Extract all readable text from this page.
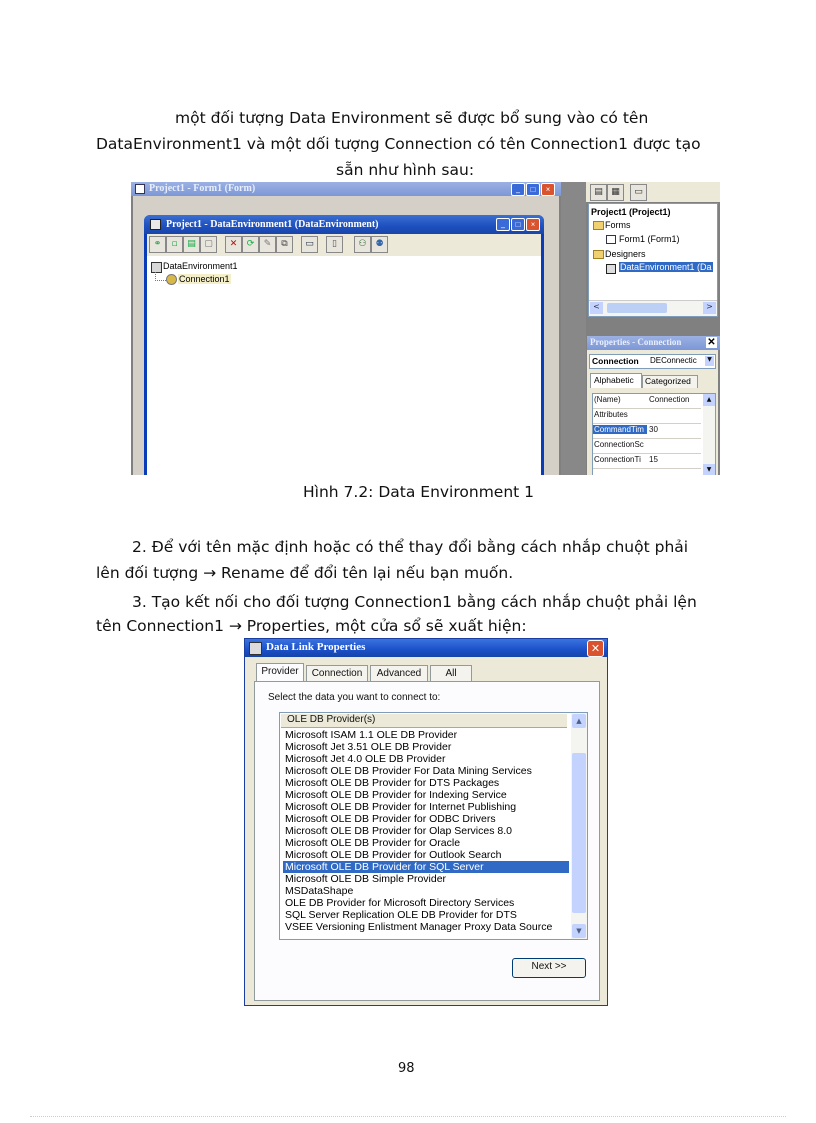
một đối tượng Data Environment sẽ được bổ sung vào có tên
DataEnvironment1 và một dối tượng Connection có tên Connection1 được tạo
sẵn như hình sau:
Project1 - Form1 (Form)	_	□	×
Project1 - DataEnvironment1 (DataEnvironment)	_	□	×
⚭	▫	▤ ▢	✕	⟳	✎	⧉	▭	▯	⚇ ⚉
DataEnvironment1
Connection1
▤ ▦	▭
Project1 (Project1)
Forms
Form1 (Form1)
Designers
DataEnvironment1 (Da
<	>
Properties - Connection	✕
Connection DEConnectic	▼
Alphabetic Categorized
(Name)	Connection
Attributes
CommandTim 30
ConnectionSc
ConnectionTi	15
▲
▼
Hình 7.2: Data Environment 1
2. Để với tên mặc định hoặc có thể thay đổi bằng cách nhắp chuột phải
lên đối tượng → Rename để đổi tên lại nếu bạn muốn.
3. Tạo kết nối cho đối tượng Connection1 bằng cách nhắp chuột phải lện
tên Connection1 → Properties, một cửa sổ sẽ xuất hiện:
Data Link Properties	✕
Provider	Connection	Advanced	All
Select the data you want to connect to:
OLE DB Provider(s)
Microsoft ISAM 1.1 OLE DB Provider
Microsoft Jet 3.51 OLE DB Provider
Microsoft Jet 4.0 OLE DB Provider
Microsoft OLE DB Provider For Data Mining Services
Microsoft OLE DB Provider for DTS Packages
Microsoft OLE DB Provider for Indexing Service
Microsoft OLE DB Provider for Internet Publishing
Microsoft OLE DB Provider for ODBC Drivers
Microsoft OLE DB Provider for Olap Services 8.0
Microsoft OLE DB Provider for Oracle
Microsoft OLE DB Provider for Outlook Search
Microsoft OLE DB Provider for SQL Server
Microsoft OLE DB Simple Provider
MSDataShape
OLE DB Provider for Microsoft Directory Services
SQL Server Replication OLE DB Provider for DTS
VSEE Versioning Enlistment Manager Proxy Data Source
▲
▼
Next >>
98
